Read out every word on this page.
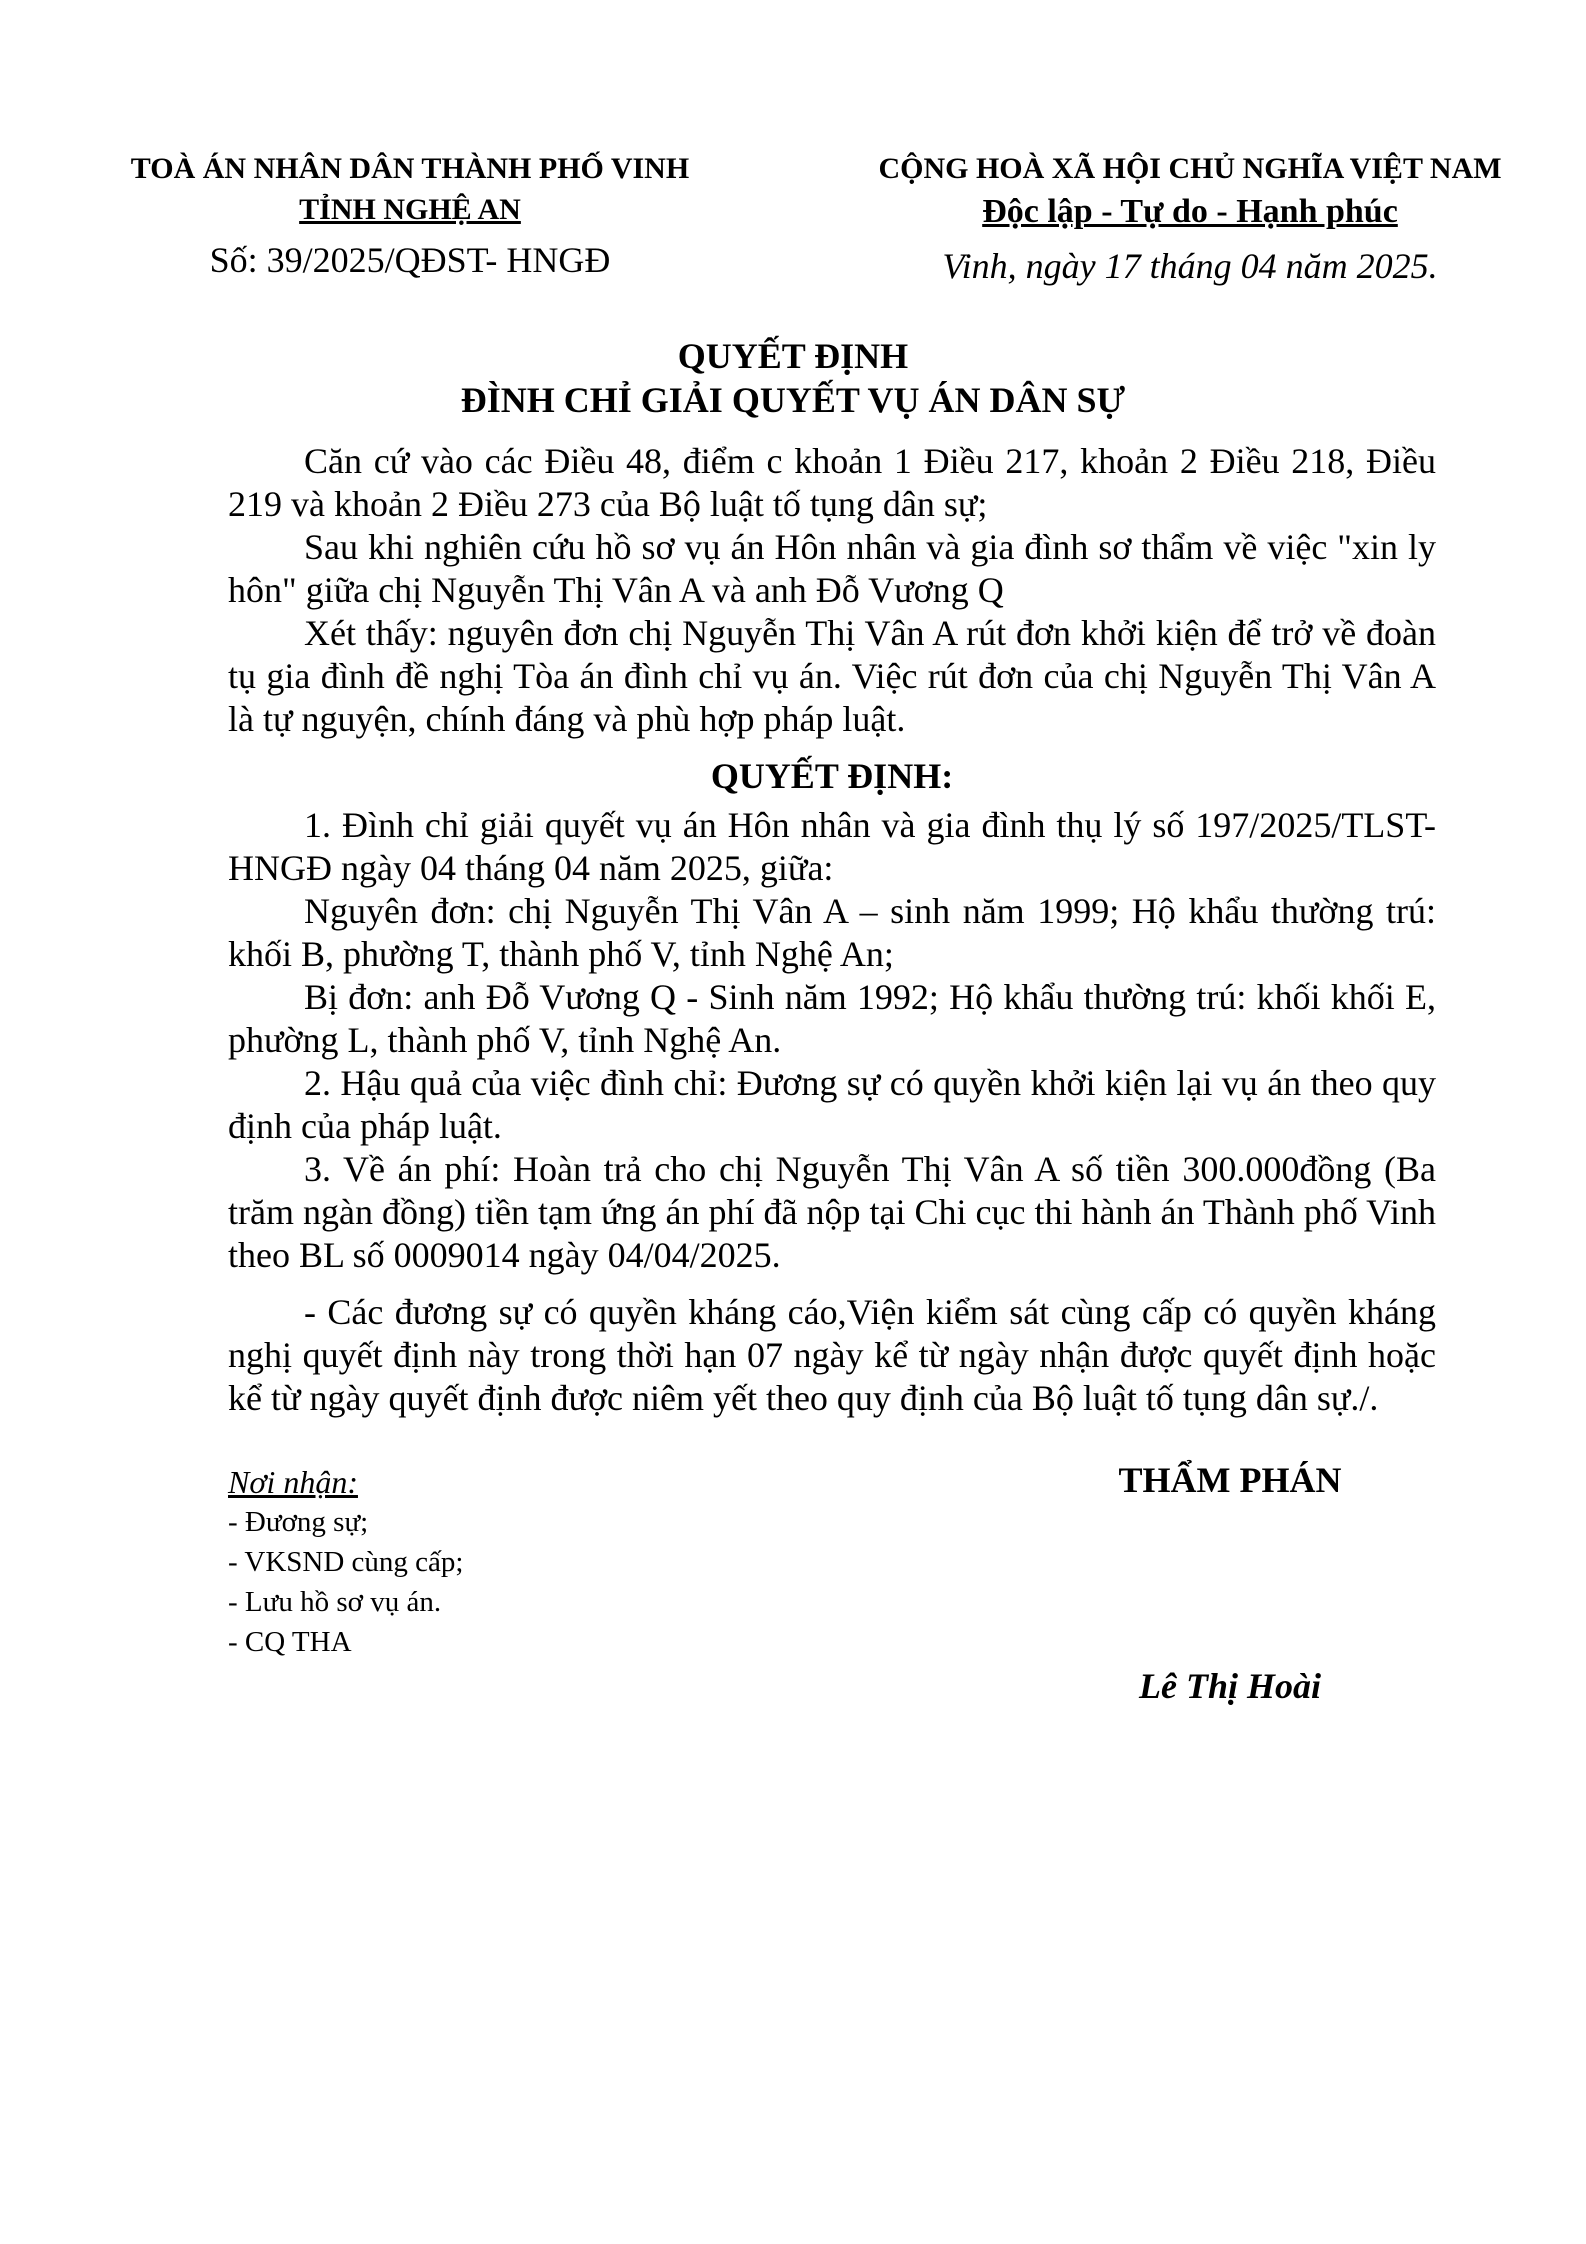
TOÀ ÁN NHÂN DÂN THÀNH PHỐ VINH
TỈNH NGHỆ AN
Số: 39/2025/QĐST- HNGĐ
CỘNG HOÀ XÃ HỘI CHỦ NGHĨA VIỆT NAM
Độc lập - Tự do - Hạnh phúc
Vinh, ngày 17 tháng 04 năm 2025.
QUYẾT ĐỊNH
ĐÌNH CHỈ GIẢI QUYẾT VỤ ÁN DÂN SỰ

Căn cứ vào các Điều 48, điểm c khoản 1 Điều 217, khoản 2 Điều 218, Điều 219 và khoản 2 Điều 273 của Bộ luật tố tụng dân sự;

Sau khi nghiên cứu hồ sơ vụ án Hôn nhân và gia đình sơ thẩm về việc "xin ly hôn" giữa chị Nguyễn Thị Vân A và anh Đỗ Vương Q

Xét thấy: nguyên đơn chị Nguyễn Thị Vân A rút đơn khởi kiện để trở về đoàn tụ gia đình đề nghị Tòa án đình chỉ vụ án. Việc rút đơn của chị Nguyễn Thị Vân A là tự nguyện, chính đáng và phù hợp pháp luật.

QUYẾT ĐỊNH:

1. Đình chỉ giải quyết vụ án Hôn nhân và gia đình thụ lý số 197/2025/TLST-HNGĐ ngày 04 tháng 04 năm 2025, giữa:

Nguyên đơn: chị Nguyễn Thị Vân A – sinh năm 1999; Hộ khẩu thường trú: khối B, phường T, thành phố V, tỉnh Nghệ An;

Bị đơn: anh Đỗ Vương Q - Sinh năm 1992; Hộ khẩu thường trú: khối khối E, phường L, thành phố V, tỉnh Nghệ An.

2. Hậu quả của việc đình chỉ: Đương sự có quyền khởi kiện lại vụ án theo quy định của pháp luật.

3. Về án phí: Hoàn trả cho chị Nguyễn Thị Vân A số tiền 300.000đồng (Ba trăm ngàn đồng) tiền tạm ứng án phí đã nộp tại Chi cục thi hành án Thành phố Vinh theo BL số 0009014 ngày 04/04/2025.

- Các đương sự có quyền kháng cáo,Viện kiểm sát cùng cấp có quyền kháng nghị quyết định này trong thời hạn 07 ngày kể từ ngày nhận được quyết định hoặc kể từ ngày quyết định được niêm yết theo quy định của Bộ luật tố tụng dân sự./.

Nơi nhận:
- Đương sự;
- VKSND cùng cấp;
- Lưu hồ sơ vụ án.
- CQ THA
THẨM PHÁN
Lê Thị Hoài
